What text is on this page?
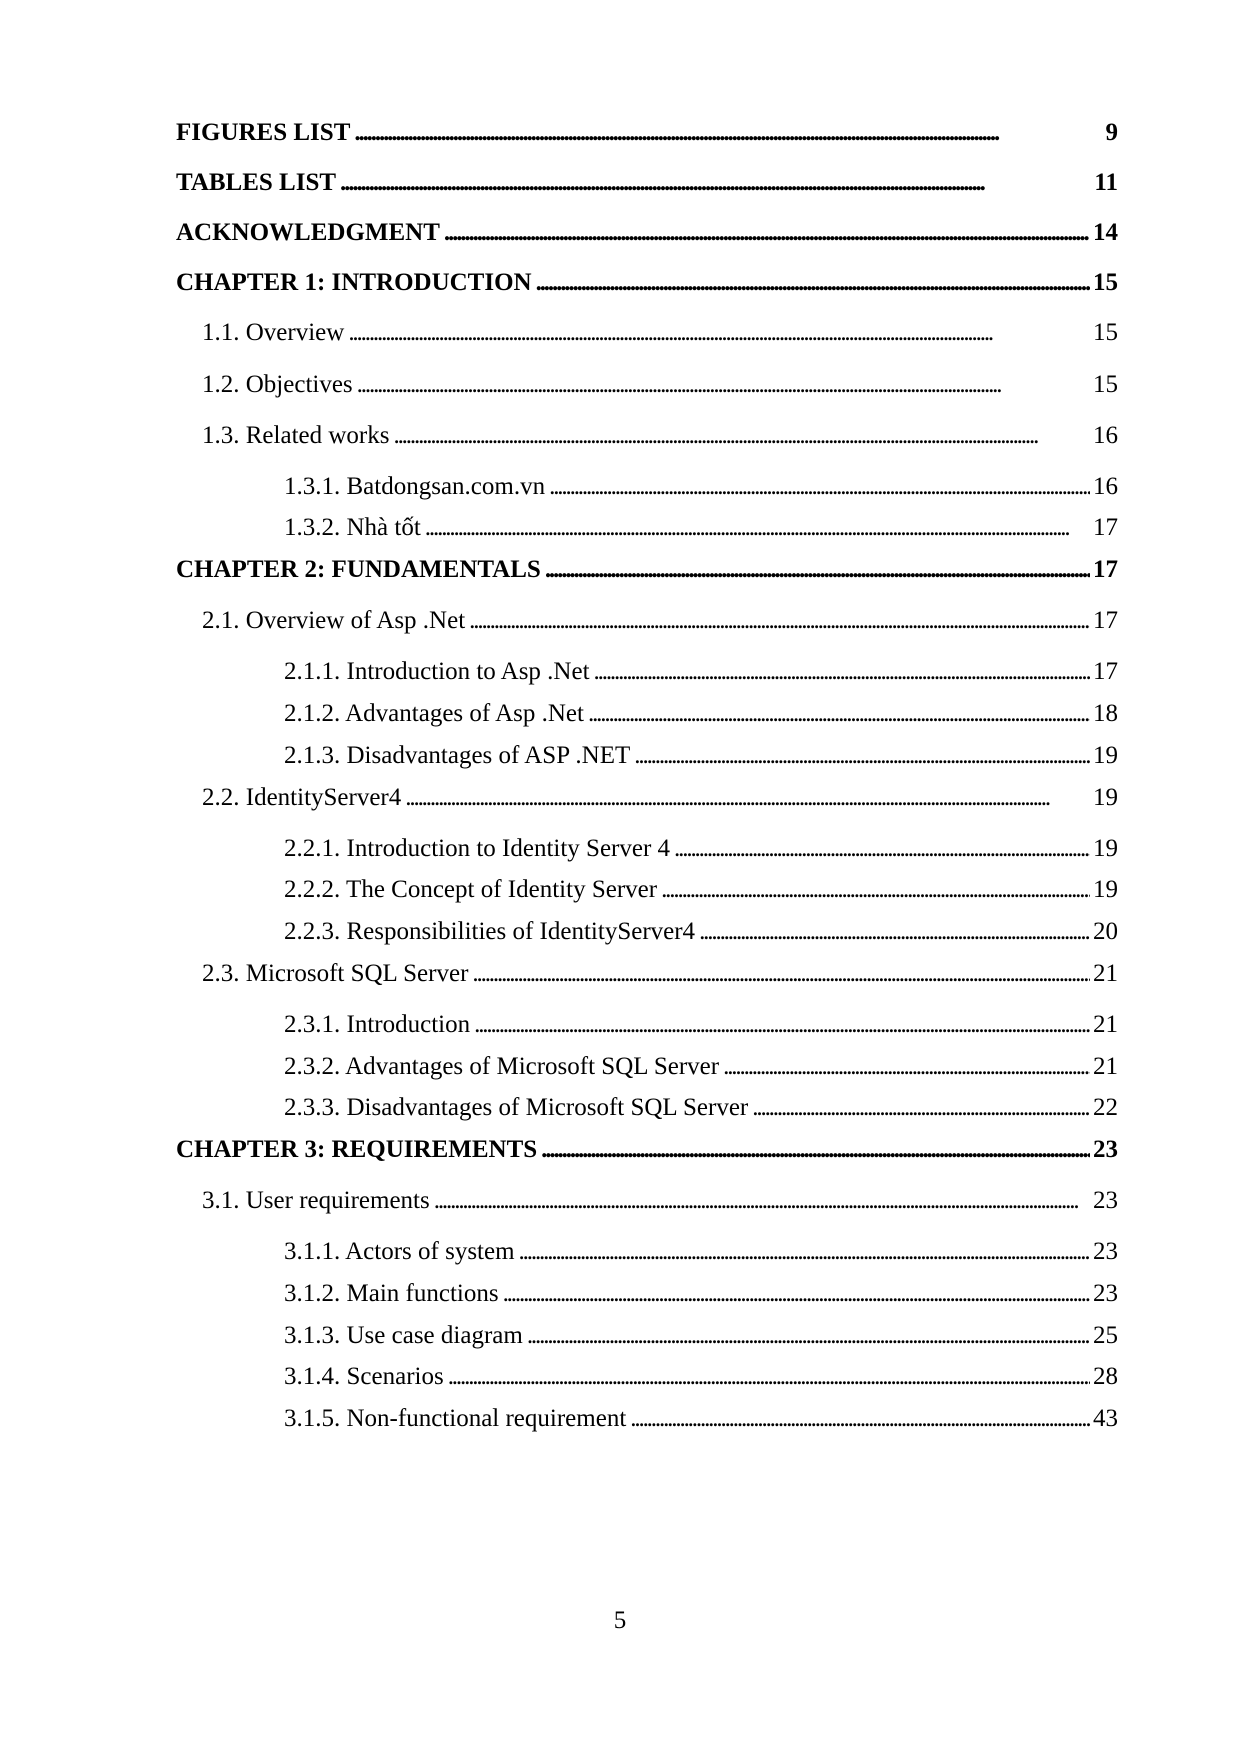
FIGURES LIST . . .	9
TABLES LIST . . .	11
ACKNOWLEDGMENT . . .	14
CHAPTER 1: INTRODUCTION . . .	15
1.1. Overview . . .	15
1.2. Objectives . . .	15
1.3. Related works . . .	16
1.3.1. Batdongsan.com.vn . . .	16
1.3.2. Nhà tốt . . .	17
CHAPTER 2: FUNDAMENTALS . . .	17
2.1. Overview of Asp .Net . . .	17
2.1.1. Introduction to Asp .Net . . .	17
2.1.2. Advantages of Asp .Net . . .	18
2.1.3. Disadvantages of ASP .NET . . .	19
2.2. IdentityServer4 . . .	19
2.2.1. Introduction to Identity Server 4 . . .	19
2.2.2. The Concept of Identity Server . . .	19
2.2.3. Responsibilities of IdentityServer4 . . .	20
2.3. Microsoft SQL Server . . .	21
2.3.1. Introduction . . .	21
2.3.2. Advantages of Microsoft SQL Server . . .	21
2.3.3. Disadvantages of Microsoft SQL Server . . .	22
CHAPTER 3: REQUIREMENTS . . .	23
3.1. User requirements . . .	23
3.1.1. Actors of system . . .	23
3.1.2. Main functions . . .	23
3.1.3. Use case diagram . . .	25
3.1.4. Scenarios . . .	28
3.1.5. Non-functional requirement . . .	43
5
